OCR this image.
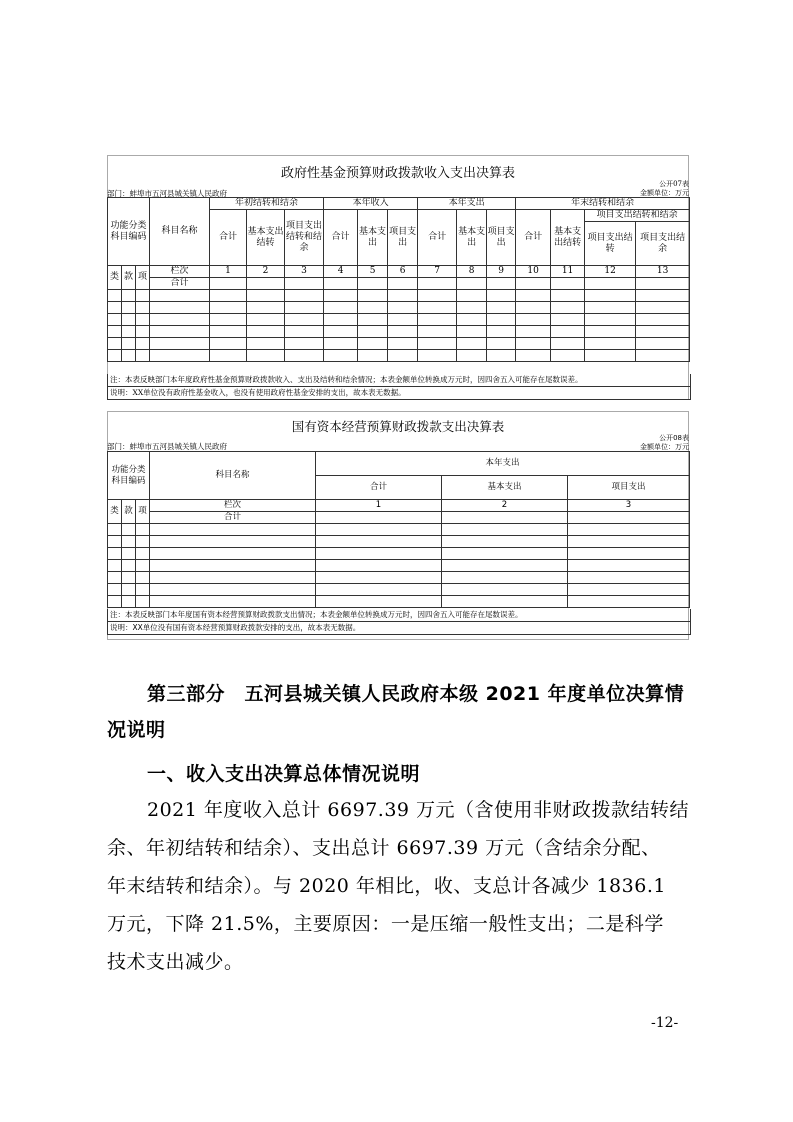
政府性基金预算财政拨款收入支出决算表
公开07表
部门：蚌埠市五河县城关镇人民政府	金额单位：万元
功能分类科目编码			科目名称	年初结转和结余			本年收入			本年支出			年末结转和结余			
				合计	基本支出结转	项目支出结转和结余	合计	基本支出	项目支出	合计	基本支出	项目支出	合计	基本支出结转	项目支出结转和结余	
															项目支出结转	项目支出结余
类	款	项	栏次	1	2	3	4	5	6	7	8	9	10	11	12	13
			合计													

注：本表反映部门本年度政府性基金预算财政拨款收入、支出及结转和结余情况；本表金额单位转换成万元时，因四舍五入可能存在尾数误差。
说明：XX单位没有政府性基金收入，也没有使用政府性基金安排的支出，故本表无数据。
国有资本经营预算财政拨款支出决算表
公开08表
部门：蚌埠市五河县城关镇人民政府	金额单位：万元
功能分类科目编码			科目名称	本年支出		
				合计	基本支出	项目支出
类	款	项	栏次	1	2	3
			合计			

注：本表反映部门本年度国有资本经营预算财政拨款支出情况；本表金额单位转换成万元时，因四舍五入可能存在尾数误差。
说明：XX单位没有国有资本经营预算财政拨款安排的支出，故本表无数据。
第三部分　五河县城关镇人民政府本级 2021 年度单位决算情
况说明
一、收入支出决算总体情况说明
2021 年度收入总计 6697.39 万元（含使用非财政拨款结转结
余、年初结转和结余）、支出总计 6697.39 万元（含结余分配、
年末结转和结余）。与 2020 年相比，收、支总计各减少 1836.1
万元，下降 21.5%，主要原因：一是压缩一般性支出；二是科学
技术支出减少。
-12-
